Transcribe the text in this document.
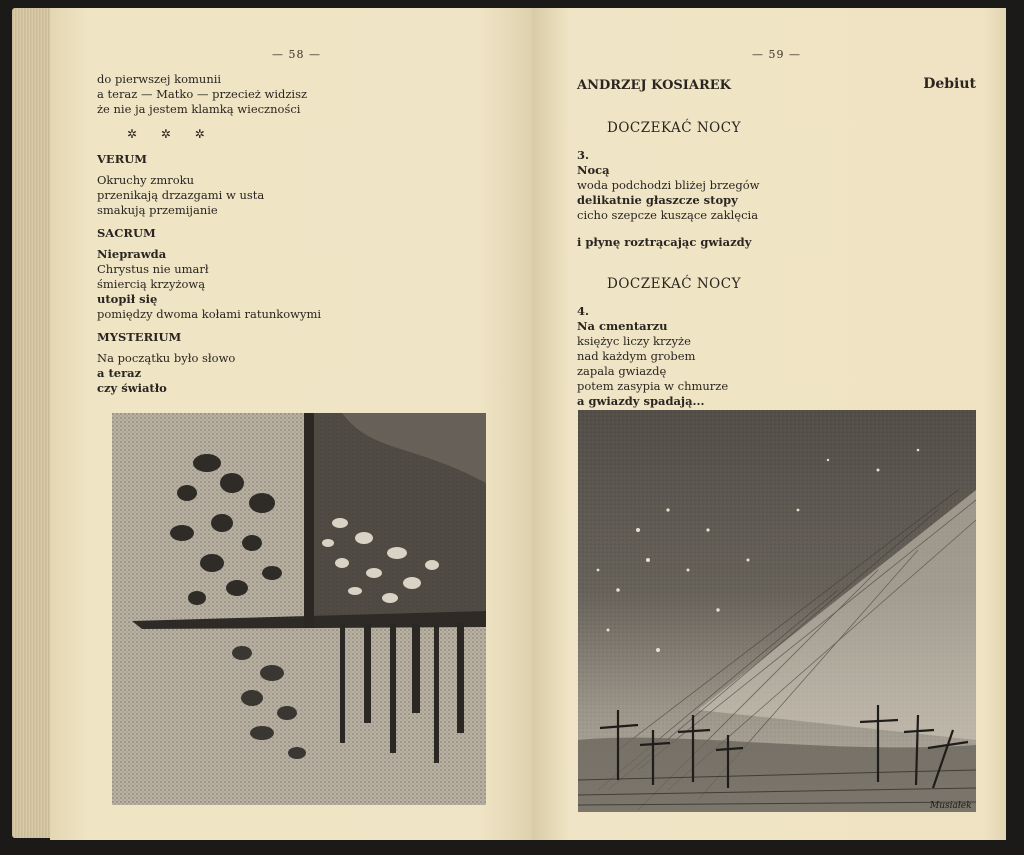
— 58 —
do pierwszej komunii
a teraz — Matko — przecież widzisz
że nie ja jestem klamką wieczności
✲ ✲ ✲
VERUM
Okruchy zmroku
przenikają drzazgami w usta
smakują przemijanie
SACRUM
Nieprawda
Chrystus nie umarł
śmiercią krzyżową
utopił się
pomiędzy dwoma kołami ratunkowymi
MYSTERIUM
Na początku było słowo
a teraz
czy światło
— 59 —
ANDRZEJ KOSIAREK	Debiut
DOCZEKAĆ NOCY
3.
Nocą
woda podchodzi bliżej brzegów
delikatnie głaszcze stopy
cicho szepcze kuszące zaklęcia
i płynę roztrącając gwiazdy
DOCZEKAĆ NOCY
4.
Na cmentarzu
księżyc liczy krzyże
nad każdym grobem
zapala gwiazdę
potem zasypia w chmurze
a gwiazdy spadają...
Musiałek
